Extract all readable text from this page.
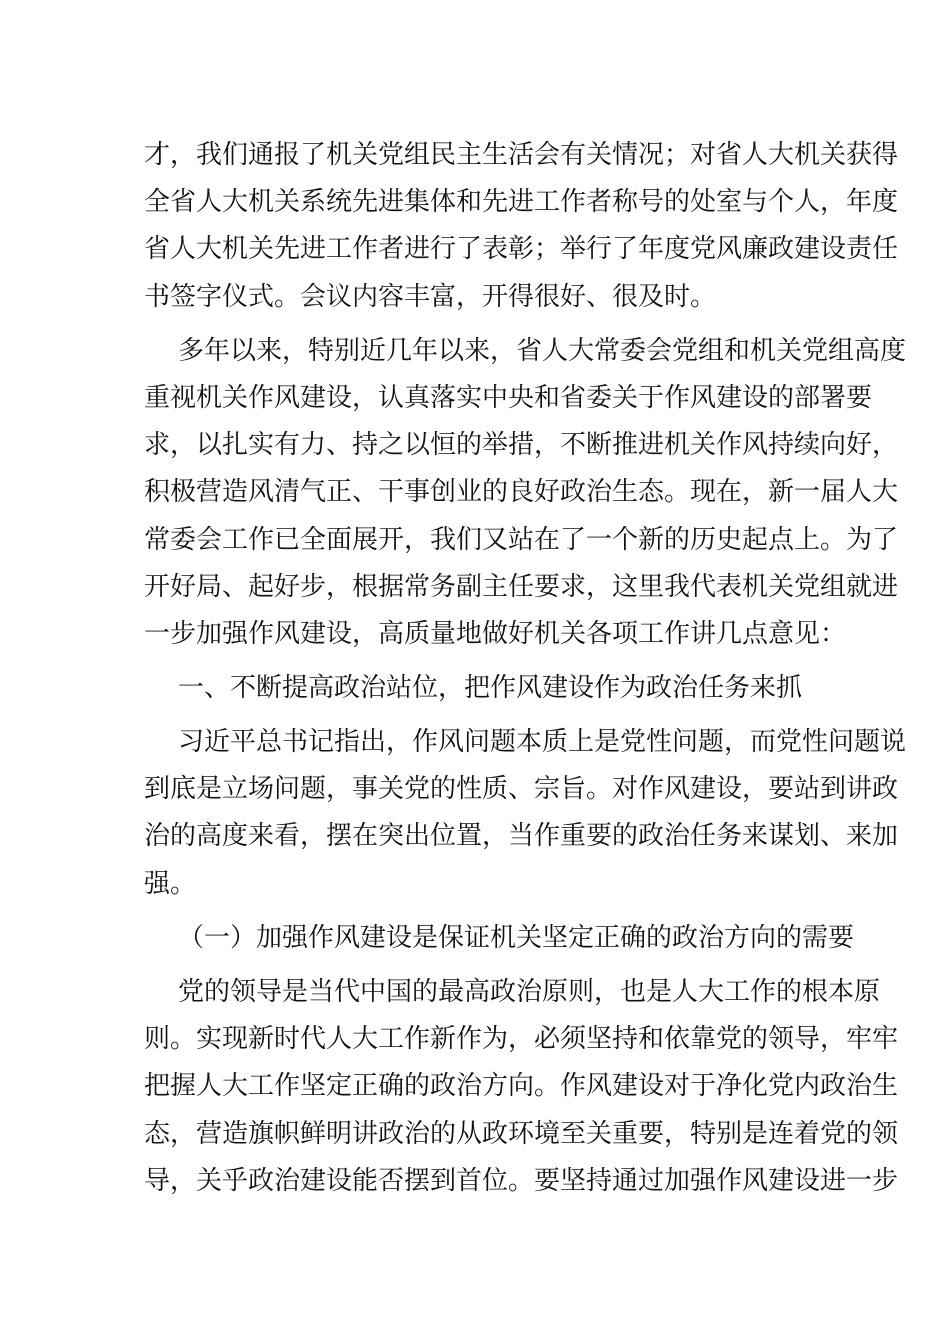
才，我们通报了机关党组民主生活会有关情况；对省人大机关获得
全省人大机关系统先进集体和先进工作者称号的处室与个人，年度
省人大机关先进工作者进行了表彰；举行了年度党风廉政建设责任
书签字仪式。会议内容丰富，开得很好、很及时。
多年以来，特别近几年以来，省人大常委会党组和机关党组高度
重视机关作风建设，认真落实中央和省委关于作风建设的部署要
求，以扎实有力、持之以恒的举措，不断推进机关作风持续向好，
积极营造风清气正、干事创业的良好政治生态。现在，新一届人大
常委会工作已全面展开，我们又站在了一个新的历史起点上。为了
开好局、起好步，根据常务副主任要求，这里我代表机关党组就进
一步加强作风建设，高质量地做好机关各项工作讲几点意见：
一、不断提高政治站位，把作风建设作为政治任务来抓
习近平总书记指出，作风问题本质上是党性问题，而党性问题说
到底是立场问题，事关党的性质、宗旨。对作风建设，要站到讲政
治的高度来看，摆在突出位置，当作重要的政治任务来谋划、来加
强。
（一）加强作风建设是保证机关坚定正确的政治方向的需要
党的领导是当代中国的最高政治原则，也是人大工作的根本原
则。实现新时代人大工作新作为，必须坚持和依靠党的领导，牢牢
把握人大工作坚定正确的政治方向。作风建设对于净化党内政治生
态，营造旗帜鲜明讲政治的从政环境至关重要，特别是连着党的领
导，关乎政治建设能否摆到首位。要坚持通过加强作风建设进一步
